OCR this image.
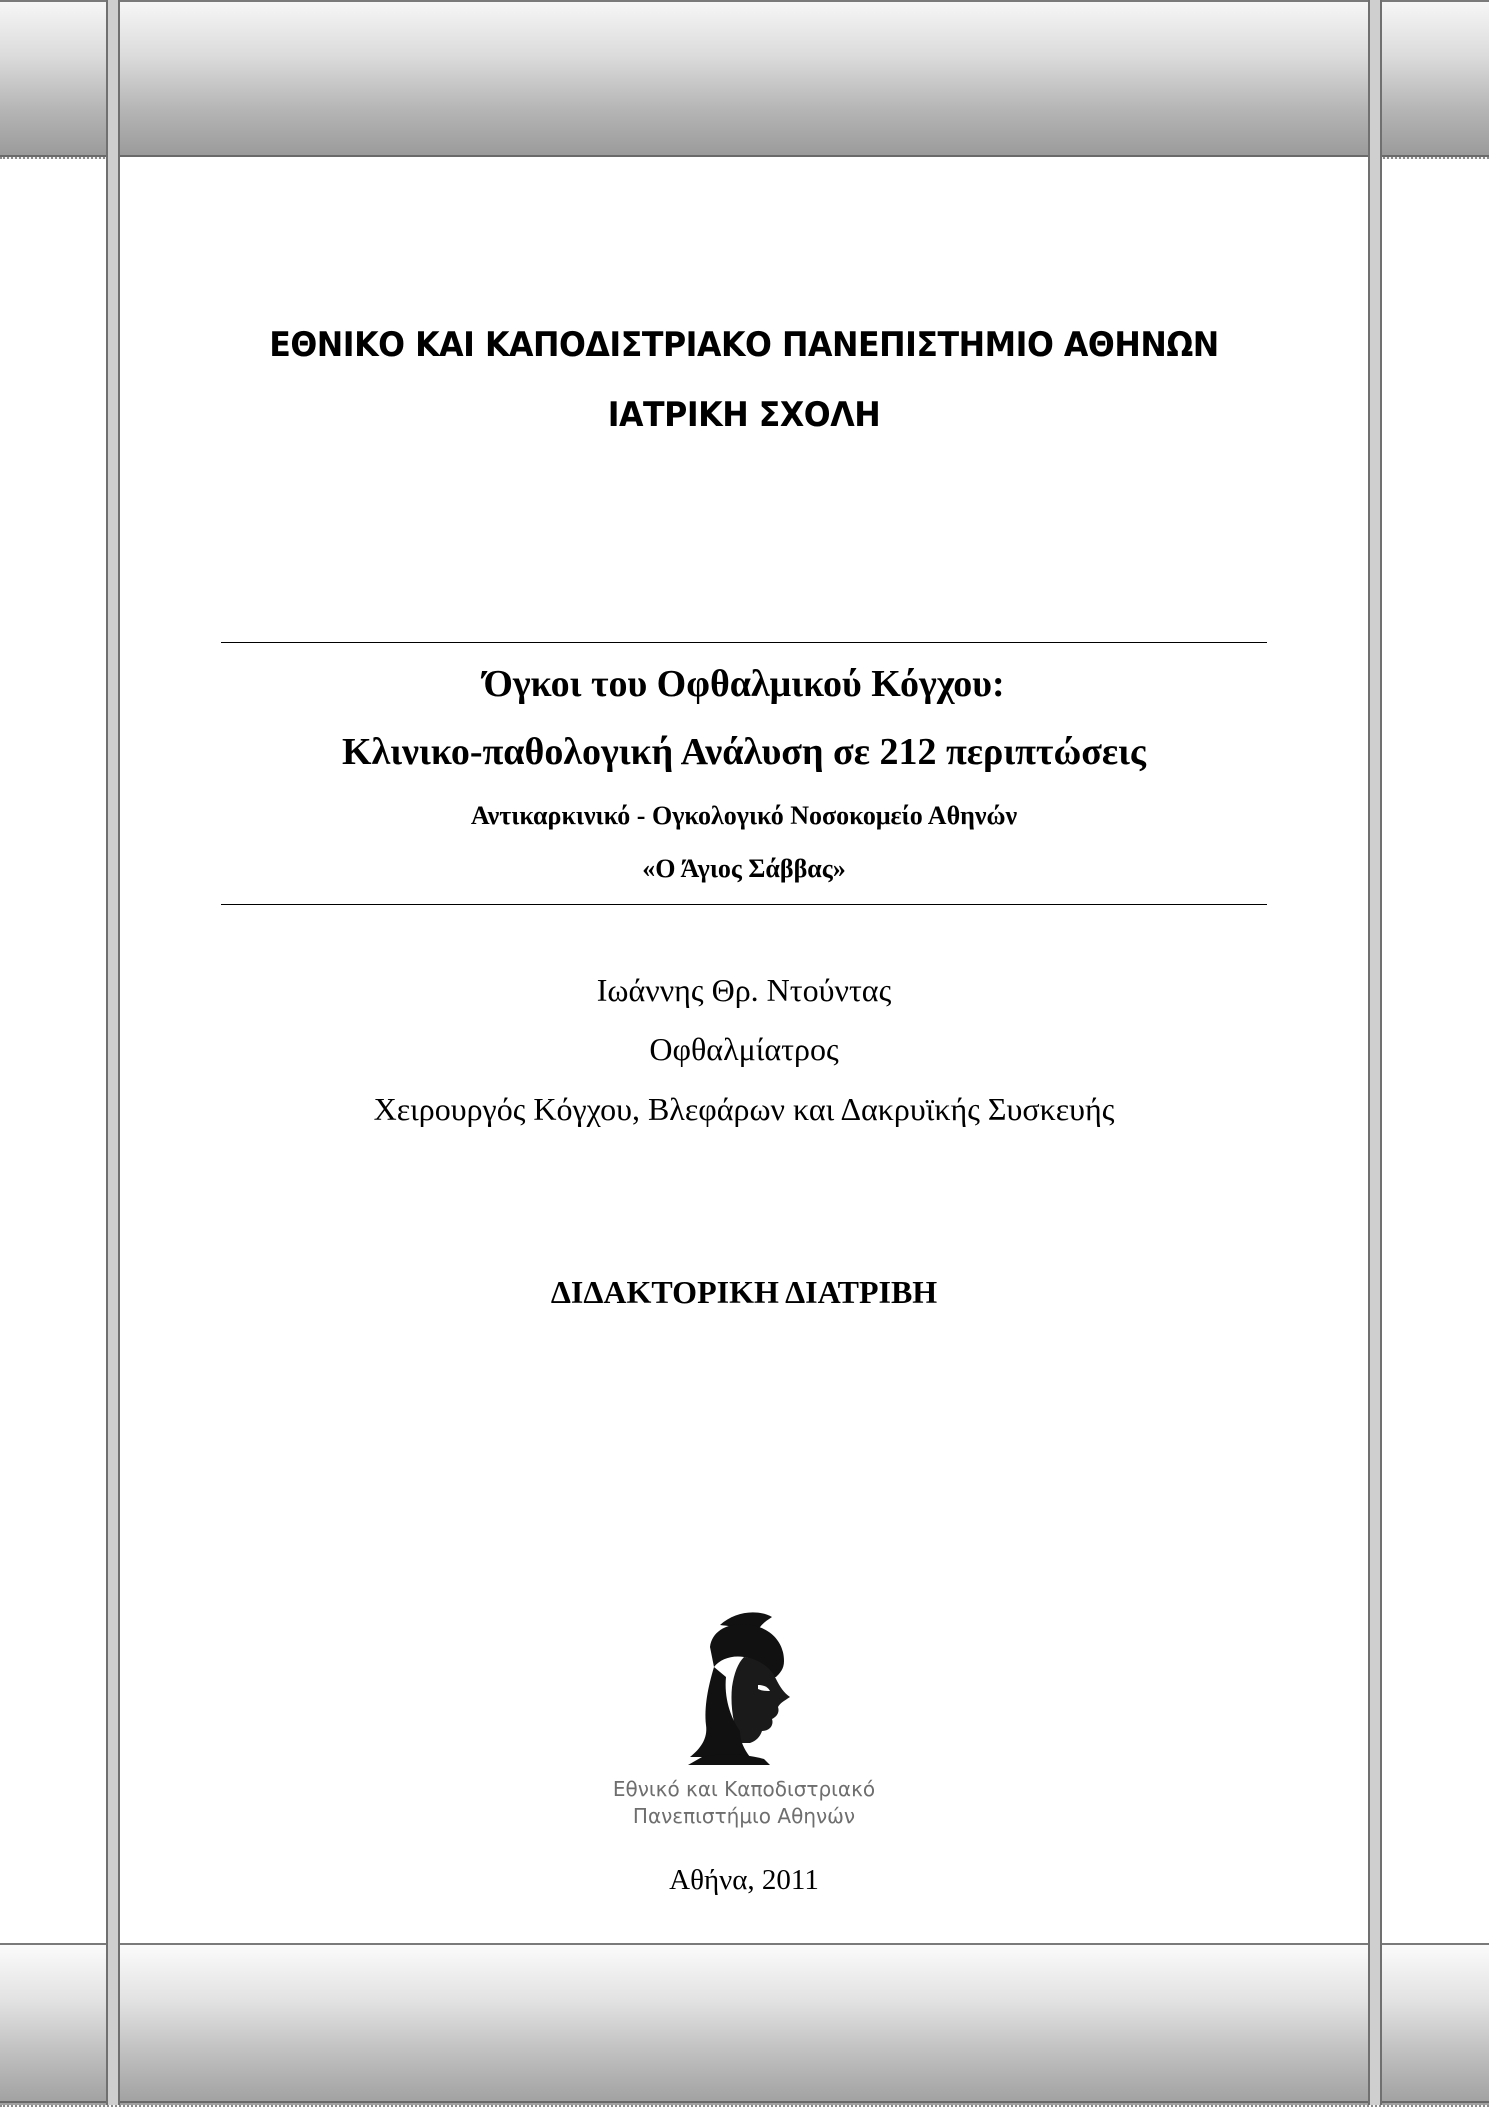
ΕΘΝΙΚΟ ΚΑΙ ΚΑΠΟΔΙΣΤΡΙΑΚΟ ΠΑΝΕΠΙΣΤΗΜΙΟ ΑΘΗΝΩΝ
ΙΑΤΡΙΚΗ ΣΧΟΛΗ
Όγκοι του Οφθαλμικού Κόγχου:
Κλινικο-παθολογική Ανάλυση σε 212 περιπτώσεις
Αντικαρκινικό - Ογκολογικό Νοσοκομείο Αθηνών
«Ο Άγιος Σάββας»
Ιωάννης Θρ. Ντούντας
Οφθαλμίατρος
Χειρουργός Κόγχου, Βλεφάρων και Δακρυϊκής Συσκευής
ΔΙΔΑΚΤΟΡΙΚΗ ΔΙΑΤΡΙΒΗ
Εθνικό και Καποδιστριακό
Πανεπιστήμιο Αθηνών
Αθήνα, 2011
